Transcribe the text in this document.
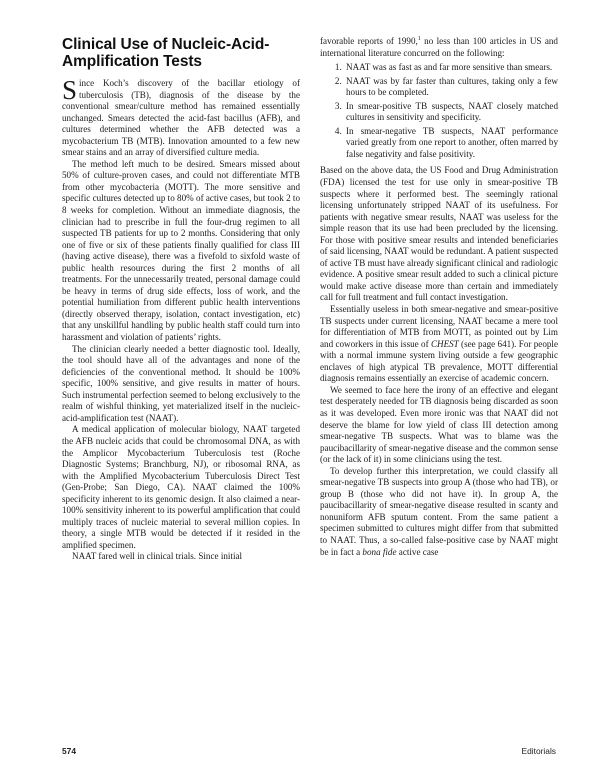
Clinical Use of Nucleic-Acid-Amplification Tests

Since Koch’s discovery of the bacillar etiology of tuberculosis (TB), diagnosis of the disease by the conventional smear/culture method has remained essentially unchanged. Smears detected the acid-fast bacillus (AFB), and cultures determined whether the AFB detected was a mycobacterium TB (MTB). Innovation amounted to a few new smear stains and an array of diversified culture media.

The method left much to be desired. Smears missed about 50% of culture-proven cases, and could not differentiate MTB from other mycobacteria (MOTT). The more sensitive and specific cultures detected up to 80% of active cases, but took 2 to 8 weeks for completion. Without an immediate diagnosis, the clinician had to prescribe in full the four-drug regimen to all suspected TB patients for up to 2 months. Considering that only one of five or six of these patients finally qualified for class III (having active disease), there was a fivefold to sixfold waste of public health resources during the first 2 months of all treatments. For the unnecessarily treated, personal damage could be heavy in terms of drug side effects, loss of work, and the potential humiliation from different public health interventions (directly observed therapy, isolation, contact investigation, etc) that any unskillful handling by public health staff could turn into harassment and violation of patients’ rights.

The clinician clearly needed a better diagnostic tool. Ideally, the tool should have all of the advantages and none of the deficiencies of the conventional method. It should be 100% specific, 100% sensitive, and give results in matter of hours. Such instrumental perfection seemed to belong exclusively to the realm of wishful thinking, yet materialized itself in the nucleic-acid-amplification test (NAAT).

A medical application of molecular biology, NAAT targeted the AFB nucleic acids that could be chromosomal DNA, as with the Amplicor Mycobacterium Tuberculosis test (Roche Diagnostic Systems; Branchburg, NJ), or ribosomal RNA, as with the Amplified Mycobacterium Tuberculosis Direct Test (Gen-Probe; San Diego, CA). NAAT claimed the 100% specificity inherent to its genomic design. It also claimed a near-100% sensitivity inherent to its powerful amplification that could multiply traces of nucleic material to several million copies. In theory, a single MTB would be detected if it resided in the amplified specimen.

NAAT fared well in clinical trials. Since initial

favorable reports of 1990,$^1$ no less than 100 articles in US and international literature concurred on the following:

1. NAAT was as fast as and far more sensitive than smears.
2. NAAT was by far faster than cultures, taking only a few hours to be completed.
3. In smear-positive TB suspects, NAAT closely matched cultures in sensitivity and specificity.
4. In smear-negative TB suspects, NAAT performance varied greatly from one report to another, often marred by false negativity and false positivity.

Based on the above data, the US Food and Drug Administration (FDA) licensed the test for use only in smear-positive TB suspects where it performed best. The seemingly rational licensing unfortunately stripped NAAT of its usefulness. For patients with negative smear results, NAAT was useless for the simple reason that its use had been precluded by the licensing. For those with positive smear results and intended beneficiaries of said licensing, NAAT would be redundant. A patient suspected of active TB must have already significant clinical and radiologic evidence. A positive smear result added to such a clinical picture would make active disease more than certain and immediately call for full treatment and full contact investigation.

Essentially useless in both smear-negative and smear-positive TB suspects under current licensing, NAAT became a mere tool for differentiation of MTB from MOTT, as pointed out by Lim and coworkers in this issue of CHEST (see page 641). For people with a normal immune system living outside a few geographic enclaves of high atypical TB prevalence, MOTT differential diagnosis remains essentially an exercise of academic concern.

We seemed to face here the irony of an effective and elegant test desperately needed for TB diagnosis being discarded as soon as it was developed. Even more ironic was that NAAT did not deserve the blame for low yield of class III detection among smear-negative TB suspects. What was to blame was the paucibacillarity of smear-negative disease and the common sense (or the lack of it) in some clinicians using the test.

To develop further this interpretation, we could classify all smear-negative TB suspects into group A (those who had TB), or group B (those who did not have it). In group A, the paucibacillarity of smear-negative disease resulted in scanty and nonuniform AFB sputum content. From the same patient a specimen submitted to cultures might differ from that submitted to NAAT. Thus, a so-called false-positive case by NAAT might be in fact a bona fide active case

574	Editorials
